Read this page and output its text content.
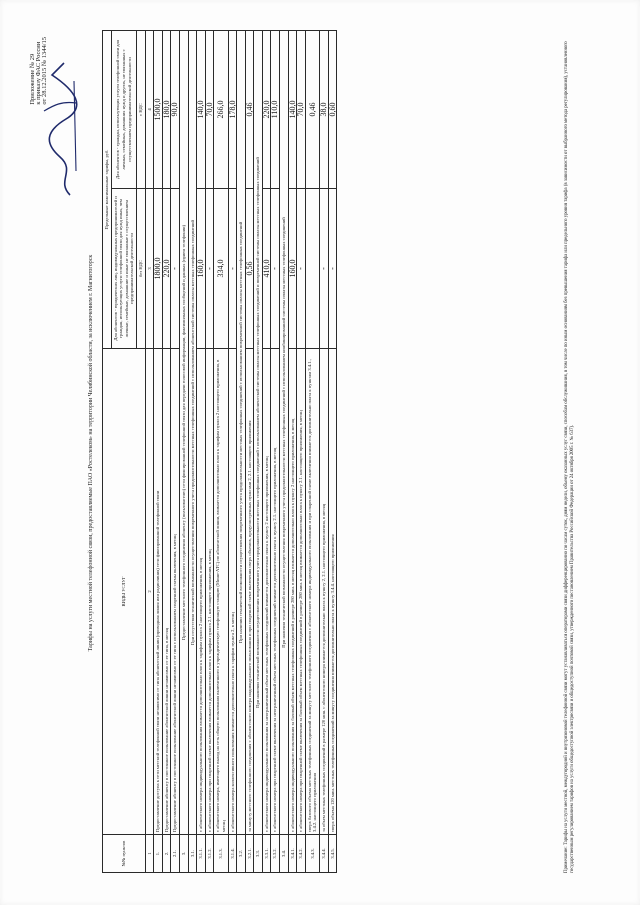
Приложение № 29 к приказу ФАС России от 28.12.2015 № 1344/15
Тарифы на услуги местной телефонной связи, предоставляемые ПАО «Ростелеком» на территории Челябинской области, за исключением г. Магнитогорск
№№ пунктов	ВИДЫ УСЛУГ	Предельные максимальные тарифы, руб.	
		Для абонентов - юридических лиц, индивидуальных предпринимателей и граждан, использующих услуги телефонной связи для нужд иных, чем личные, семейные, домашние и иные не связанные с осуществлением предпринимательской деятельности	Для абонентов - граждан, использующих услуги телефонной связи для личных, семейных, домашних нужд и других, не связанных с осуществлением предпринимательской деятельности
		без НДС	с НДС
1	2	3	4
1.	Предоставление доступа к сети местной телефонной связи независимо от типа абонентской линии (проводная линия или радиолиния) сети фиксированной телефонной связи	1800,0	1500,0
2.	Предоставление абоненту в постоянное пользование абонентской линии независимо от ее типа, в месяц	220,0	180,0
2.1.	Предоставление абоненту в постоянное пользование абонентской линии независимо от ее типа с использованием спаренной схемы включения, в месяц	-	90,0
3.	Предоставление местного телефонного соединения абоненту (пользователю) сети фиксированной телефонной связи для передачи голосовой информации, факсимильных сообщений и данных (прием телефонии)		
3.1.	При отсутствии технической возможности осуществления повременного учета продолжительности местных телефонных соединений с использованием абонентской системы оплаты местных телефонных соединений		
3.1.1.	с абонентского номера индивидуального пользования взимается дополнительно плата к тарифам пункта 2 настоящего приложения, в месяц	160,0	140,0
3.1.2.	с абонентского номера при спаренной схеме включения взимается дополнительно плата к тарифам пункта 2.1. настоящего приложения, в месяц	-	70,0
3.1.3.	с абонентского номера, имеющего выход на сеть общего пользования включенного в учрежденческую телефонную станцию (Мини-АТС) по абонентской линии, взимается дополнительно плата к тарифам пункта 2 настоящего приложения, в месяц	334,0	266,0
3.1.4.	с абонентского номера коллективного пользования взимается дополнительно плата к тарифам пункта 2, в месяц	-	178,0
3.2.	При наличии технической возможности осуществления повременного учета продолжительности местных телефонных соединений с использованием повременной системы оплаты местных телефонных соединений		
3.2.1.	за минуту местного телефонного соединения с абонентского номера индивидуального пользования и при спаренной схеме включения сверх объемов, предусмотренных пунктами 2, 2.1. настоящего приложения	0,56	0,46
3.3.	При наличии технической возможности осуществления повременного учета продолжительности местных телефонных соединений с использованием абонентской системы оплаты местных телефонных соединений и повременной системы оплаты местных телефонных соединений		
3.3.1.	с абонентского номера индивидуального пользования за неограниченный объем местных телефонных соединений взимается дополнительно плата к пункту 2 настоящего приложения, в месяц	410,0	220,0
3.3.2.	с абонентского номера при спаренной схеме включения за неограниченный объем местных телефонных соединений взимается дополнительно плата к пункту 2.1. настоящего приложения, в месяц	-	110,0
3.4.	При наличии технической возможности осуществления повременного учета продолжительности местных телефонных соединений с использованием комбинированной системы оплаты местных телефонных соединений		
3.4.1.	с абонентского номера индивидуального пользования за базовый объем местных телефонных соединений в размере 280 мин. в месяц взимается дополнительно плата к пункту 2 настоящего приложения, в месяц	160,0	140,0
3.4.2.	с абонентского номера при спаренной схеме включения за базовый объем местных телефонных соединений в размере 280 мин. в месяц взимается дополнительно плата к пункту 2.1. настоящего приложения, в месяц	-	70,0
3.4.3.	сверх базового объема местных телефонных соединений за минуту местного телефонного соединения с абонентского номера индивидуального пользования и при спаренной схеме включения взимается дополнительно плата к пунктам 3.4.1., 3.4.2. настоящего приложения		0,46
3.4.4.	за объем местных телефонных соединений в размере 120 мин. с абонентского номера взимается дополнительно плата к пункту 2, 2.1. настоящего приложения, в месяц	-	38,0
3.4.5.	сверх объема 120 мин. местных телефонных соединений за минуту соединения взимается дополнительно плата к пункту 3.4.4. настоящего приложения	-	0,60
Примечание: Тарифы на услуги местной, междугородной и внутризоновой телефонной связи могут устанавливаться операторами связи дифференцированно по часам суток, дням недели, объему оказанных услуг связи, способам обслуживания, в том числе по иным основаниям без превышения тарифа или предельного уровня тарифа (в зависимости от выбранного метода регулирования), установленного государственным регулированием тарифов на услуги общедоступной электросвязи и общедоступной почтовой связи, утвержденного постановлением Правительства Российской Федерации от 24 октября 2005 г. № 637).
